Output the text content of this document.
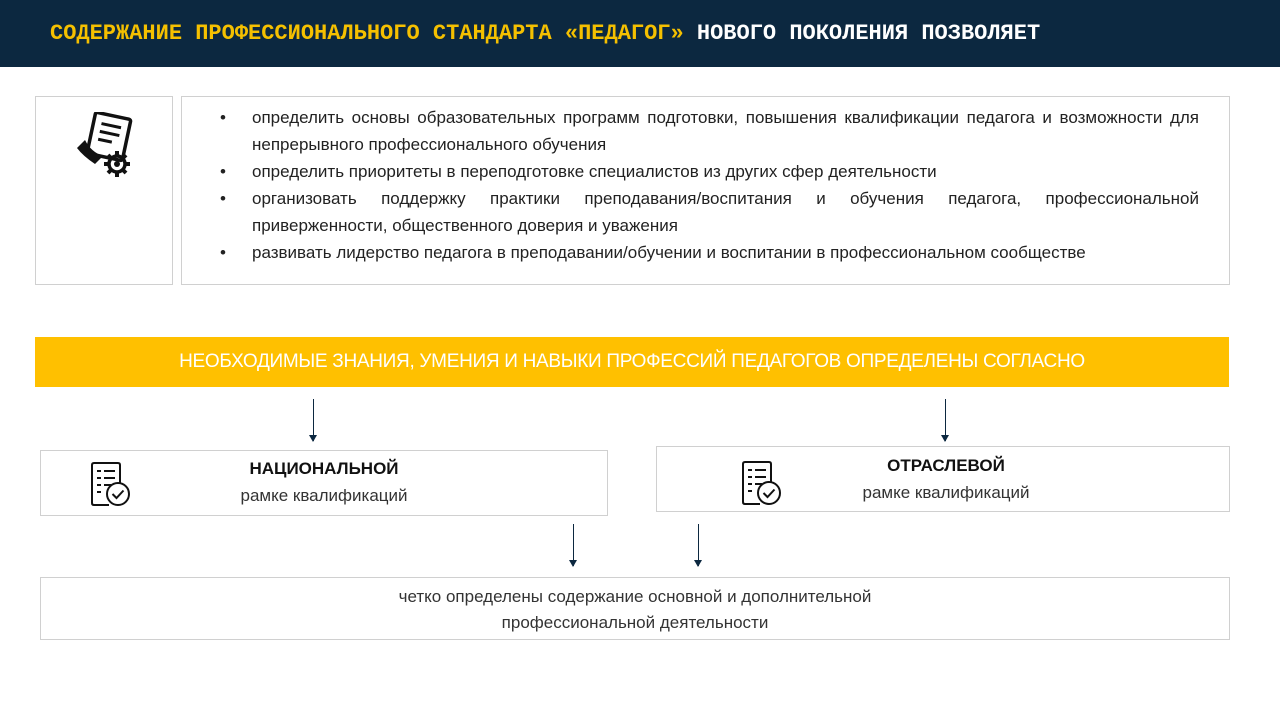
СОДЕРЖАНИЕ ПРОФЕССИОНАЛЬНОГО СТАНДАРТА «ПЕДАГОГ» НОВОГО ПОКОЛЕНИЯ ПОЗВОЛЯЕТ
• определить основы образовательных программ подготовки, повышения квалификации педагога и возможности для непрерывного профессионального обучения
• определить приоритеты в переподготовке специалистов из других сфер деятельности
• организовать поддержку практики преподавания/воспитания и обучения педагога, профессиональной приверженности, общественного доверия и уважения
• развивать лидерство педагога в преподавании/обучении и воспитании в профессиональном сообществе
НЕОБХОДИМЫЕ ЗНАНИЯ, УМЕНИЯ И НАВЫКИ ПРОФЕССИЙ ПЕДАГОГОВ ОПРЕДЕЛЕНЫ СОГЛАСНО
НАЦИОНАЛЬНОЙ
рамке квалификаций
ОТРАСЛЕВОЙ
рамке квалификаций
четко определены содержание основной и дополнительной
профессиональной деятельности
